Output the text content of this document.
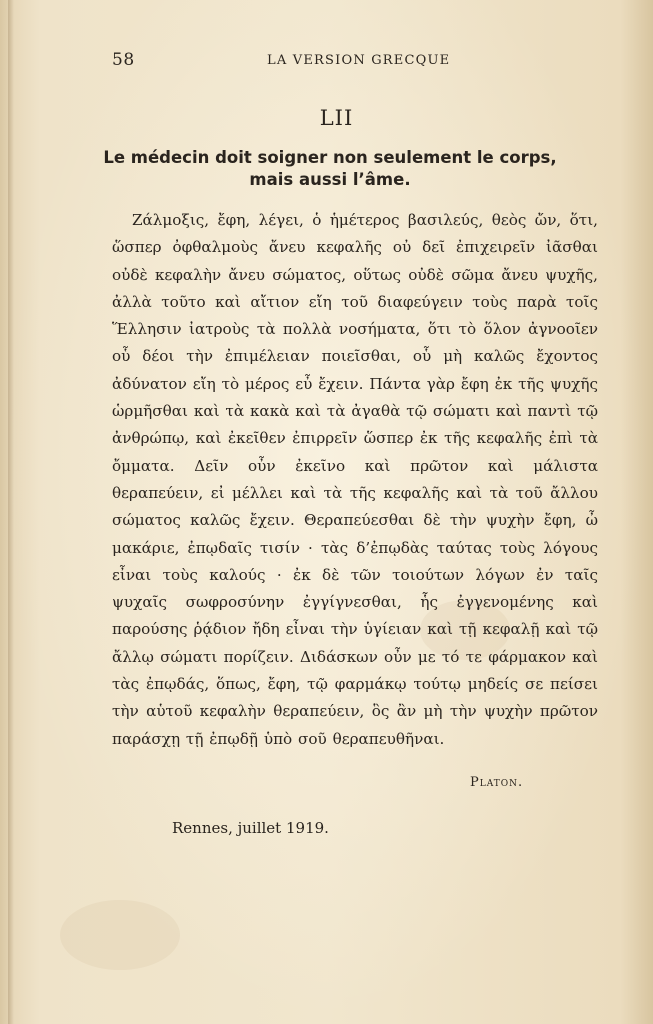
58	LA VERSION GRECQUE
LII
Le médecin doit soigner non seulement le corps,
mais aussi l’âme.

Ζάλμοξις, ἔφη, λέγει, ὁ ἡμέτερος βασιλεύς, θεὸς ὤν, ὅτι, ὥσπερ ὀφθαλμοὺς ἄνευ κεφαλῆς οὐ δεῖ ἐπιχειρεῖν ἰᾶσθαι οὐδὲ κεφαλὴν ἄνευ σώματος, οὕτως οὐδὲ σῶμα ἄνευ ψυχῆς, ἀλλὰ τοῦτο καὶ αἴτιον εἴη τοῦ διαφεύγειν τοὺς παρὰ τοῖς Ἕλλησιν ἰατροὺς τὰ πολλὰ νοσήματα, ὅτι τὸ ὅλον ἀγνοοῖεν οὗ δέοι τὴν ἐπιμέλειαν ποιεῖσθαι, οὗ μὴ καλῶς ἔχοντος ἀδύνατον εἴη τὸ μέρος εὖ ἔχειν. Πάντα γὰρ ἔφη ἐκ τῆς ψυχῆς ὡρμῆσθαι καὶ τὰ κακὰ καὶ τὰ ἀγαθὰ τῷ σώματι καὶ παντὶ τῷ ἀνθρώπῳ, καὶ ἐκεῖθεν ἐπιρρεῖν ὥσπερ ἐκ τῆς κεφαλῆς ἐπὶ τὰ ὄμματα. Δεῖν οὖν ἐκεῖνο καὶ πρῶτον καὶ μάλιστα θεραπεύειν, εἰ μέλλει καὶ τὰ τῆς κεφαλῆς καὶ τὰ τοῦ ἄλλου σώματος καλῶς ἔχειν. Θεραπεύεσθαι δὲ τὴν ψυχὴν ἔφη, ὦ μακάριε, ἐπῳδαῖς τισίν · τὰς δ’ἐπῳδὰς ταύτας τοὺς λόγους εἶναι τοὺς καλούς · ἐκ δὲ τῶν τοιούτων λόγων ἐν ταῖς ψυχαῖς σωφροσύνην ἐγγίγνεσθαι, ἧς ἐγγενομένης καὶ παρούσης ῥᾴδιον ἤδη εἶναι τὴν ὑγίειαν καὶ τῇ κεφαλῇ καὶ τῷ ἄλλῳ σώματι πορίζειν. Διδάσκων οὖν με τό τε φάρμακον καὶ τὰς ἐπῳδάς, ὅπως, ἔφη, τῷ φαρμάκῳ τούτῳ μηδείς σε πείσει τὴν αὑτοῦ κεφαλὴν θεραπεύειν, ὃς ἂν μὴ τὴν ψυχὴν πρῶτον παράσχῃ τῇ ἐπῳδῇ ὑπὸ σοῦ θεραπευθῆναι.

Platon.
Rennes, juillet 1919.
